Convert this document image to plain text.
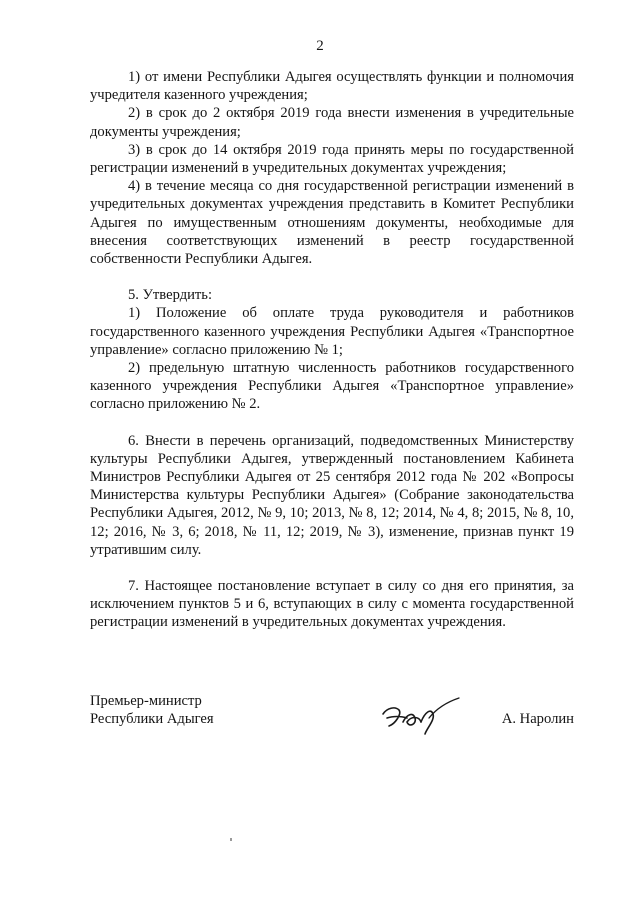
2

1) от имени Республики Адыгея осуществлять функции и полномочия учредителя казенного учреждения;

2) в срок до 2 октября 2019 года внести изменения в учредительные документы учреждения;

3) в срок до 14 октября 2019 года принять меры по государственной регистрации изменений в учредительных документах учреждения;

4) в течение месяца со дня государственной регистрации изменений в учредительных документах учреждения представить в Комитет Республики Адыгея по имущественным отношениям документы, необходимые для внесения соответствующих изменений в реестр государственной собственности Республики Адыгея.

5. Утвердить:

1) Положение об оплате труда руководителя и работников государственного казенного учреждения Республики Адыгея «Транспортное управление» согласно приложению № 1;

2) предельную штатную численность работников государственного казенного учреждения Республики Адыгея «Транспортное управление» согласно приложению № 2.

6. Внести в перечень организаций, подведомственных Министерству культуры Республики Адыгея, утвержденный постановлением Кабинета Министров Республики Адыгея от 25 сентября 2012 года № 202 «Вопросы Министерства культуры Республики Адыгея» (Собрание законодательства Республики Адыгея, 2012, № 9, 10; 2013, № 8, 12; 2014, № 4, 8; 2015, № 8, 10, 12; 2016, № 3, 6; 2018, № 11, 12; 2019, № 3), изменение, признав пункт 19 утратившим силу.

7. Настоящее постановление вступает в силу со дня его принятия, за исключением пунктов 5 и 6, вступающих в силу с момента государственной регистрации изменений в учредительных документах учреждения.

Премьер-министр

Республики Адыгея	А. Наролин
